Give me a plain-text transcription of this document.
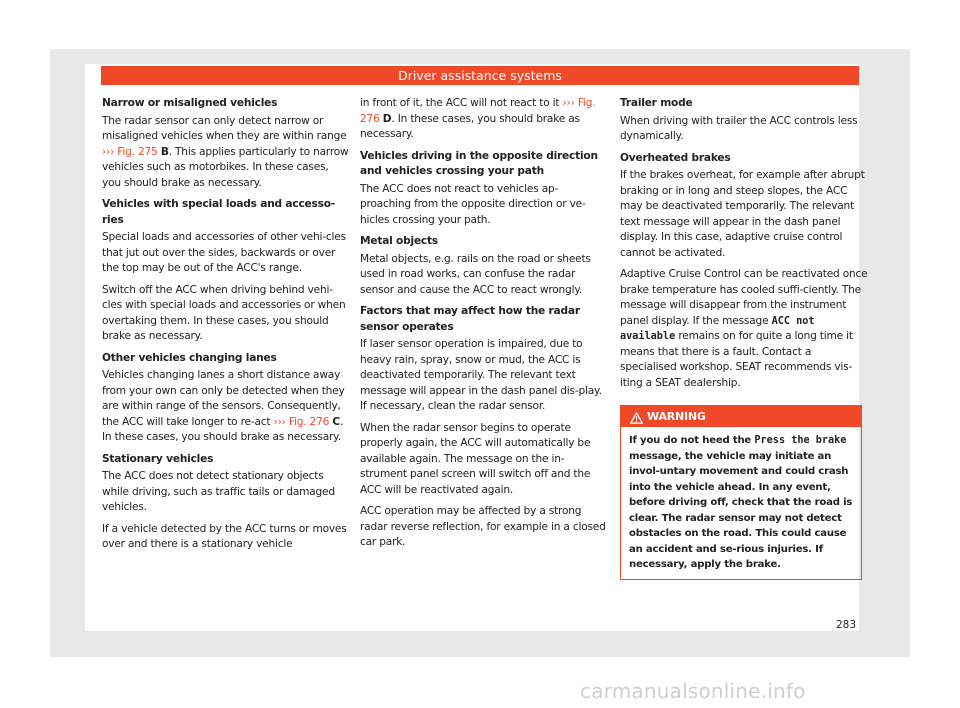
Driver assistance systems
Narrow or misaligned vehicles

The radar sensor can only detect narrow or misaligned vehicles when they are within range ››› Fig. 275 B. This applies particularly to narrow vehicles such as motorbikes. In these cases, you should brake as necessary.

Vehicles with special loads and accesso-ries

Special loads and accessories of other vehi-cles that jut out over the sides, backwards or over the top may be out of the ACC's range.

Switch off the ACC when driving behind vehi-cles with special loads and accessories or when overtaking them. In these cases, you should brake as necessary.

Other vehicles changing lanes

Vehicles changing lanes a short distance away from your own can only be detected when they are within range of the sensors. Consequently, the ACC will take longer to re-act ››› Fig. 276 C. In these cases, you should brake as necessary.

Stationary vehicles

The ACC does not detect stationary objects while driving, such as traffic tails or damaged vehicles.

If a vehicle detected by the ACC turns or moves over and there is a stationary vehicle

in front of it, the ACC will not react to it ››› Fig. 276 D. In these cases, you should brake as necessary.

Vehicles driving in the opposite direction and vehicles crossing your path

The ACC does not react to vehicles ap-proaching from the opposite direction or ve-hicles crossing your path.

Metal objects

Metal objects, e.g. rails on the road or sheets used in road works, can confuse the radar sensor and cause the ACC to react wrongly.

Factors that may affect how the radar sensor operates

If laser sensor operation is impaired, due to heavy rain, spray, snow or mud, the ACC is deactivated temporarily. The relevant text message will appear in the dash panel dis-play. If necessary, clean the radar sensor.

When the radar sensor begins to operate properly again, the ACC will automatically be available again. The message on the in-strument panel screen will switch off and the ACC will be reactivated again.

ACC operation may be affected by a strong radar reverse reflection, for example in a closed car park.

Trailer mode

When driving with trailer the ACC controls less dynamically.

Overheated brakes

If the brakes overheat, for example after abrupt braking or in long and steep slopes, the ACC may be deactivated temporarily. The relevant text message will appear in the dash panel display. In this case, adaptive cruise control cannot be activated.

Adaptive Cruise Control can be reactivated once brake temperature has cooled suffi-ciently. The message will disappear from the instrument panel display. If the message ACC not available remains on for quite a long time it means that there is a fault. Contact a specialised workshop. SEAT recommends vis-iting a SEAT dealership.

WARNING
If you do not heed the Press the brake message, the vehicle may initiate an invol-untary movement and could crash into the vehicle ahead. In any event, before driving off, check that the road is clear. The radar sensor may not detect obstacles on the road. This could cause an accident and se-rious injuries. If necessary, apply the brake.
283
carmanualsonline.info
